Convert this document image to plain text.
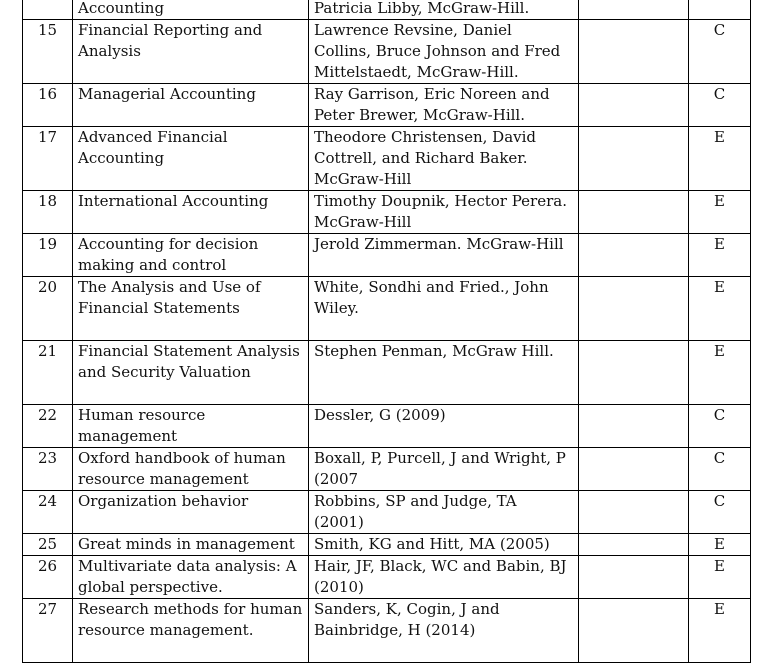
	Accounting	Patricia Libby, McGraw-Hill.		
15	Financial Reporting and Analysis	Lawrence Revsine, Daniel Collins, Bruce Johnson and Fred Mittelstaedt, McGraw-Hill.		C
16	Managerial Accounting	Ray Garrison, Eric Noreen and Peter Brewer, McGraw-Hill.		C
17	Advanced Financial Accounting	Theodore Christensen, David Cottrell, and Richard Baker. McGraw-Hill		E
18	International Accounting	Timothy Doupnik, Hector Perera. McGraw-Hill		E
19	Accounting for decision making and control	Jerold Zimmerman. McGraw-Hill		E
20	The Analysis and Use of Financial Statements	White, Sondhi and Fried., John Wiley.		E
21	Financial Statement Analysis and Security Valuation	Stephen Penman, McGraw Hill.		E
22	Human resource management	Dessler, G (2009)		C
23	Oxford handbook of human resource management	Boxall, P, Purcell, J and Wright, P (2007		C
24	Organization behavior	Robbins, SP and Judge, TA (2001)		C
25	Great minds in management	Smith, KG and Hitt, MA (2005)		E
26	Multivariate data analysis: A global perspective.	Hair, JF, Black, WC and Babin, BJ (2010)		E
27	Research methods for human resource management.	Sanders, K, Cogin, J and Bainbridge, H (2014)		E
